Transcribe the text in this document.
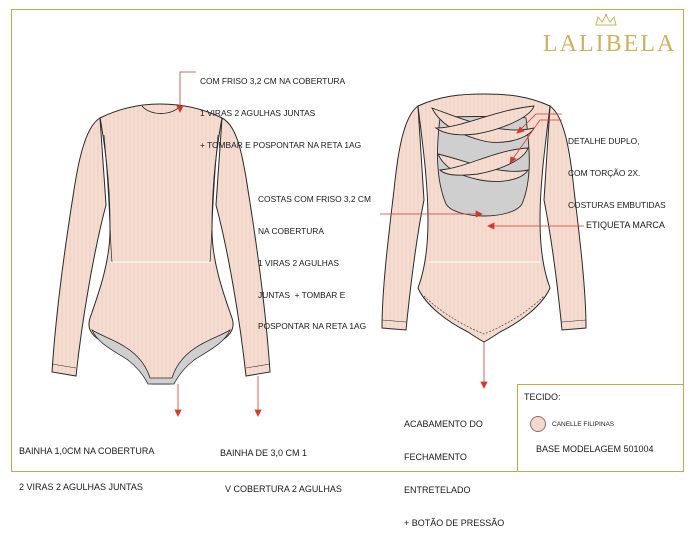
LALIBELA

COM FRISO 3,2 CM NA COBERTURA

1 VIRAS 2 AGULHAS JUNTAS

+ TOMBAR E POSPONTAR NA RETA 1AG

COSTAS COM FRISO 3,2 CM

NA COBERTURA

1 VIRAS 2 AGULHAS

JUNTAS  + TOMBAR E

POSPONTAR NA RETA 1AG

DETALHE DUPLO,

COM TORÇÃO 2X.

COSTURAS EMBUTIDAS

ETIQUETA MARCA

BAINHA 1,0CM NA COBERTURA

2 VIRAS 2 AGULHAS JUNTAS

BAINHA DE 3,0 CM 1

V COBERTURA 2 AGULHAS

ACABAMENTO DO

FECHAMENTO

ENTRETELADO

+ BOTÃO DE PRESSÃO

TECIDO:
CANELLE FILIPINAS
BASE MODELAGEM 501004
